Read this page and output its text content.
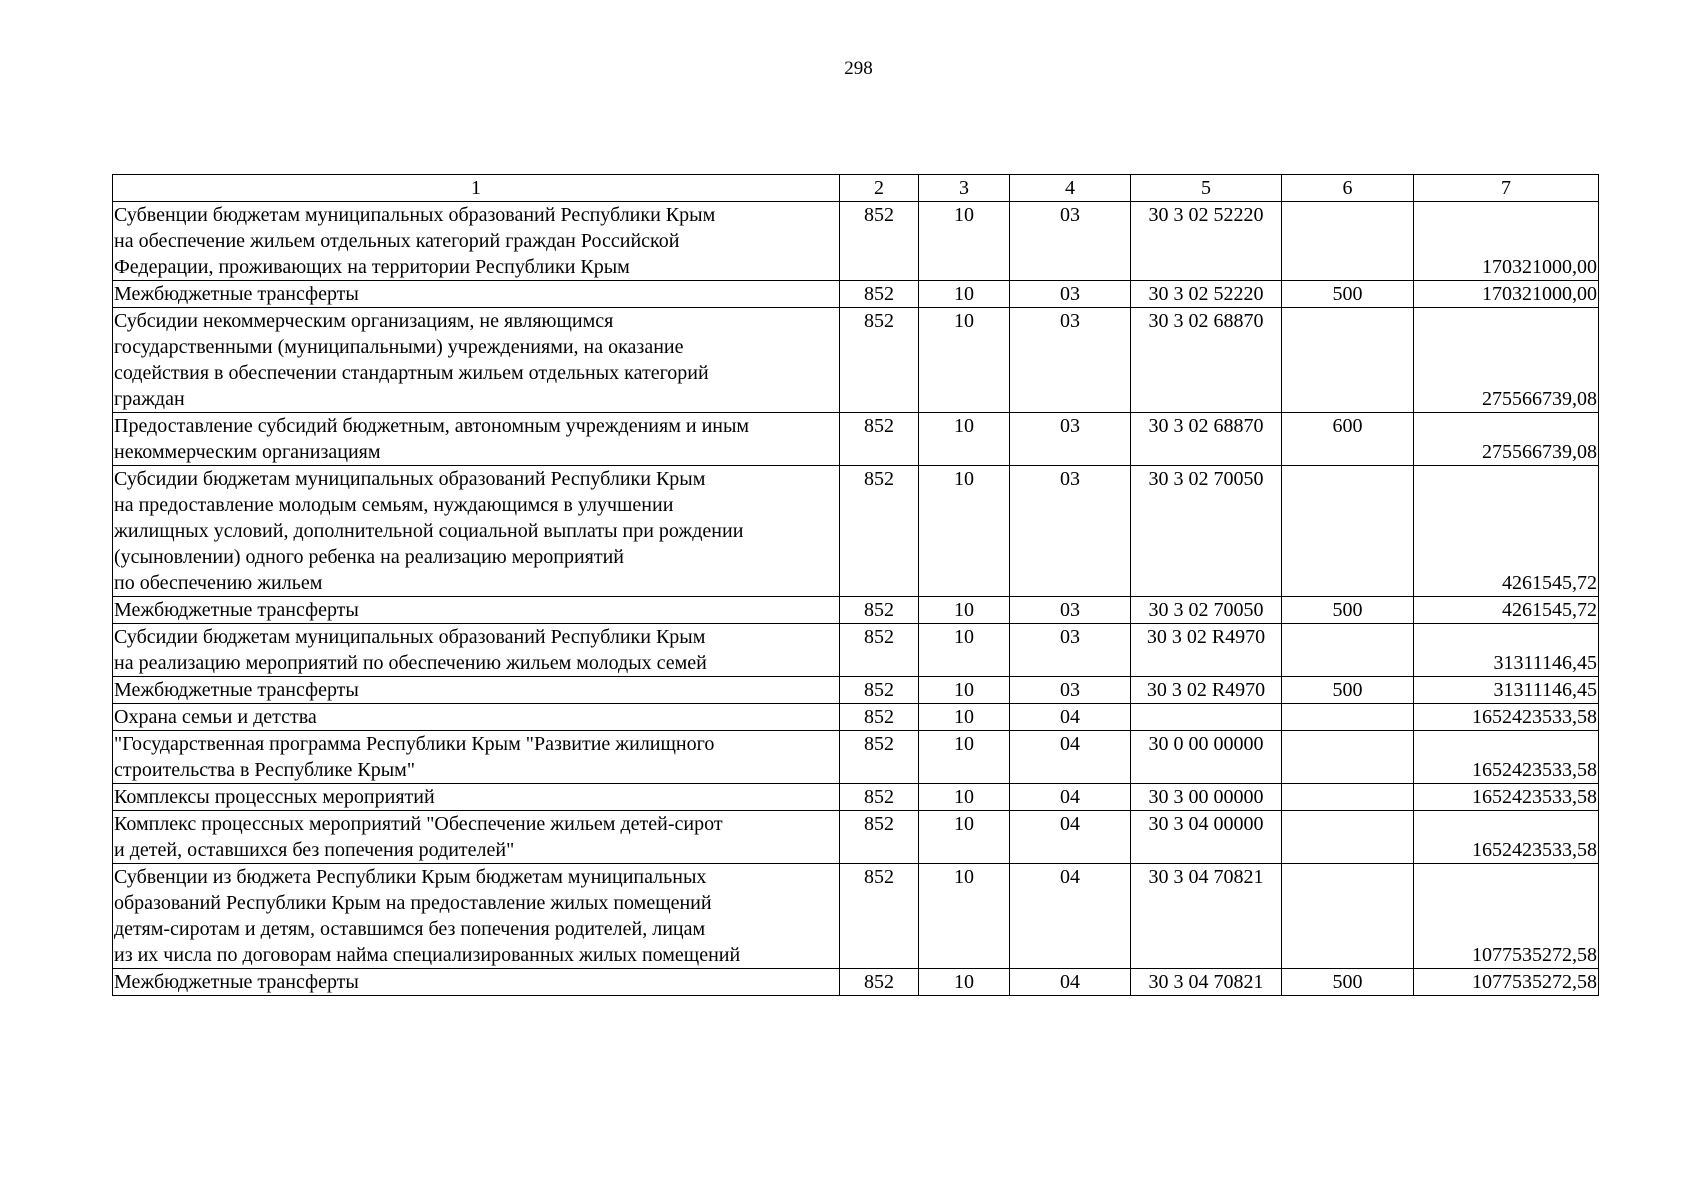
298
1	2	3	4	5	6	7
Субвенции бюджетам муниципальных образований Республики Крым
на обеспечение жильем отдельных категорий граждан Российской
Федерации, проживающих на территории Республики Крым	852	10	03	30 3 02 52220		170321000,00
Межбюджетные трансферты	852	10	03	30 3 02 52220	500	170321000,00
Субсидии некоммерческим организациям, не являющимся
государственными (муниципальными) учреждениями, на оказание
содействия в обеспечении стандартным жильем отдельных категорий
граждан	852	10	03	30 3 02 68870		275566739,08
Предоставление субсидий бюджетным, автономным учреждениям и иным
некоммерческим организациям	852	10	03	30 3 02 68870	600	275566739,08
Субсидии бюджетам муниципальных образований Республики Крым
на предоставление молодым семьям, нуждающимся в улучшении
жилищных условий, дополнительной социальной выплаты при рождении
(усыновлении) одного ребенка на реализацию мероприятий
по обеспечению жильем	852	10	03	30 3 02 70050		4261545,72
Межбюджетные трансферты	852	10	03	30 3 02 70050	500	4261545,72
Субсидии бюджетам муниципальных образований Республики Крым
на реализацию мероприятий по обеспечению жильем молодых семей	852	10	03	30 3 02 R4970		31311146,45
Межбюджетные трансферты	852	10	03	30 3 02 R4970	500	31311146,45
Охрана семьи и детства	852	10	04			1652423533,58
"Государственная программа Республики Крым "Развитие жилищного
строительства в Республике Крым"	852	10	04	30 0 00 00000		1652423533,58
Комплексы процессных мероприятий	852	10	04	30 3 00 00000		1652423533,58
Комплекс процессных мероприятий "Обеспечение жильем детей-сирот
и детей, оставшихся без попечения родителей"	852	10	04	30 3 04 00000		1652423533,58
Субвенции из бюджета Республики Крым бюджетам муниципальных
образований Республики Крым на предоставление жилых помещений
детям-сиротам и детям, оставшимся без попечения родителей, лицам
из их числа по договорам найма специализированных жилых помещений	852	10	04	30 3 04 70821		1077535272,58
Межбюджетные трансферты	852	10	04	30 3 04 70821	500	1077535272,58
